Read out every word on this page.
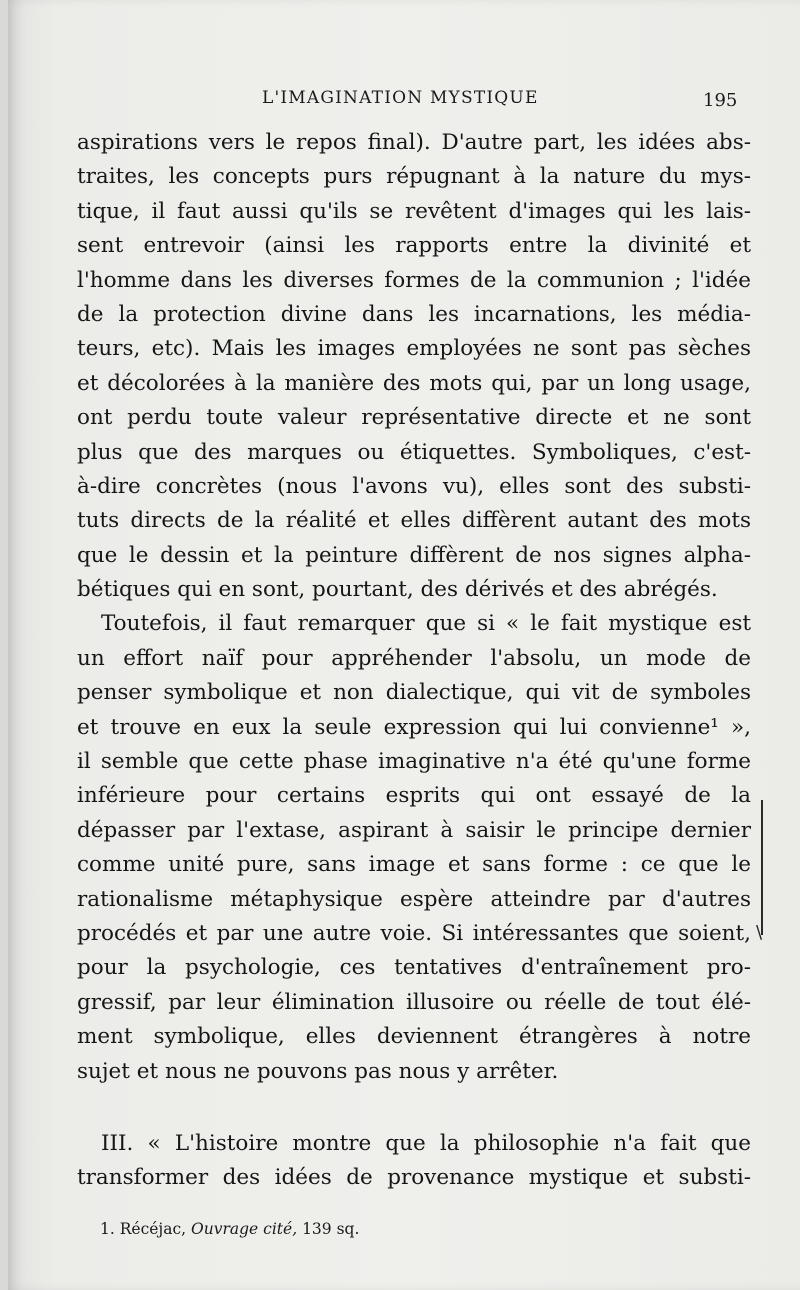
L'IMAGINATION MYSTIQUE	195
aspirations vers le repos final). D'autre part, les idées abs-
traites, les concepts purs répugnant à la nature du mys-
tique, il faut aussi qu'ils se revêtent d'images qui les lais-
sent entrevoir (ainsi les rapports entre la divinité et
l'homme dans les diverses formes de la communion ; l'idée
de la protection divine dans les incarnations, les média-
teurs, etc). Mais les images employées ne sont pas sèches
et décolorées à la manière des mots qui, par un long usage,
ont perdu toute valeur représentative directe et ne sont
plus que des marques ou étiquettes. Symboliques, c'est-
à-dire concrètes (nous l'avons vu), elles sont des substi-
tuts directs de la réalité et elles diffèrent autant des mots
que le dessin et la peinture diffèrent de nos signes alpha-
bétiques qui en sont, pourtant, des dérivés et des abrégés.
Toutefois, il faut remarquer que si « le fait mystique est
un effort naïf pour appréhender l'absolu, un mode de
penser symbolique et non dialectique, qui vit de symboles
et trouve en eux la seule expression qui lui convienne¹ »,
il semble que cette phase imaginative n'a été qu'une forme
inférieure pour certains esprits qui ont essayé de la
dépasser par l'extase, aspirant à saisir le principe dernier
comme unité pure, sans image et sans forme : ce que le
rationalisme métaphysique espère atteindre par d'autres
procédés et par une autre voie. Si intéressantes que soient,
pour la psychologie, ces tentatives d'entraînement pro-
gressif, par leur élimination illusoire ou réelle de tout élé-
ment symbolique, elles deviennent étrangères à notre
sujet et nous ne pouvons pas nous y arrêter.
III. « L'histoire montre que la philosophie n'a fait que
transformer des idées de provenance mystique et substi-
\
1. Récéjac, Ouvrage cité, 139 sq.
